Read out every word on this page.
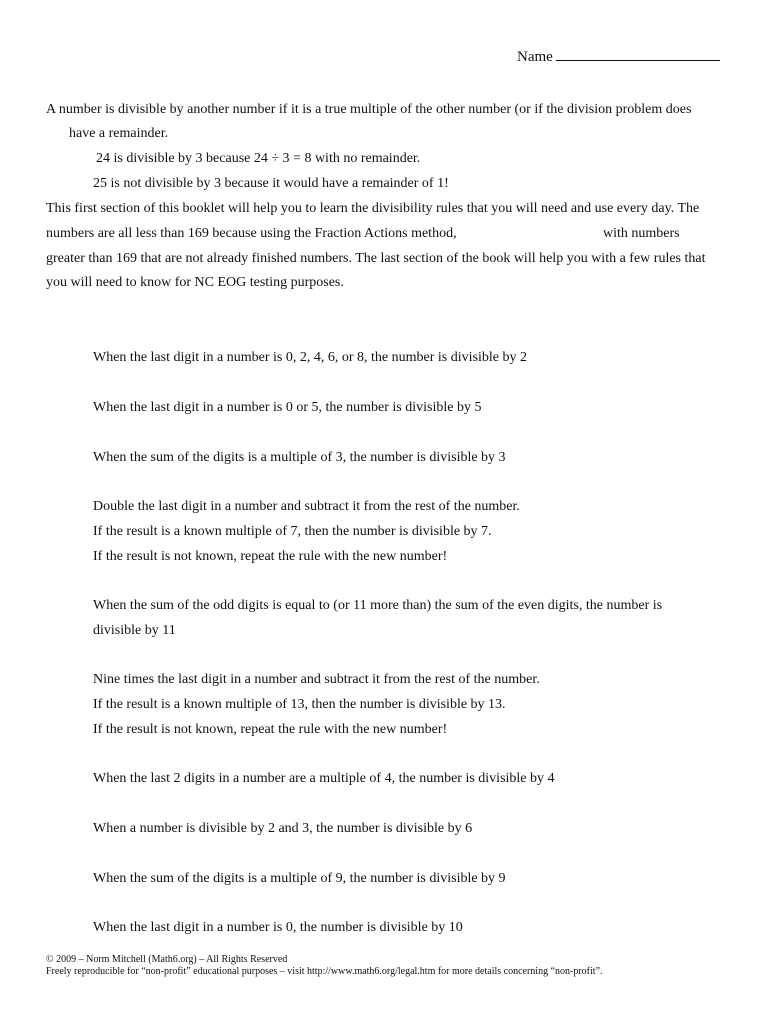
Name
A number is divisible by another number if it is a true multiple of the other number (or if the division problem does
have a remainder.
24 is divisible by 3 because 24 ÷ 3 = 8 with no remainder.
25 is not divisible by 3 because it would have a remainder of 1!
This first section of this booklet will help you to learn the divisibility rules that you will need and use every day. The
numbers are all less than 169 because using the Fraction Actions method,	with numbers
greater than 169 that are not already finished numbers. The last section of the book will help you with a few rules that
you will need to know for NC EOG testing purposes.
When the last digit in a number is 0, 2, 4, 6, or 8, the number is divisible by 2
When the last digit in a number is 0 or 5, the number is divisible by 5
When the sum of the digits is a multiple of 3, the number is divisible by 3
Double the last digit in a number and subtract it from the rest of the number.
If the result is a known multiple of 7, then the number is divisible by 7.
If the result is not known, repeat the rule with the new number!
When the sum of the odd digits is equal to (or 11 more than) the sum of the even digits, the number is
divisible by 11
Nine times the last digit in a number and subtract it from the rest of the number.
If the result is a known multiple of 13, then the number is divisible by 13.
If the result is not known, repeat the rule with the new number!
When the last 2 digits in a number are a multiple of 4, the number is divisible by 4
When a number is divisible by 2 and 3, the number is divisible by 6
When the sum of the digits is a multiple of 9, the number is divisible by 9
When the last digit in a number is 0, the number is divisible by 10
© 2009 – Norm Mitchell (Math6.org) – All Rights Reserved
Freely reproducible for “non-profit” educational purposes – visit http://www.math6.org/legal.htm for more details concerning “non-profit”.
